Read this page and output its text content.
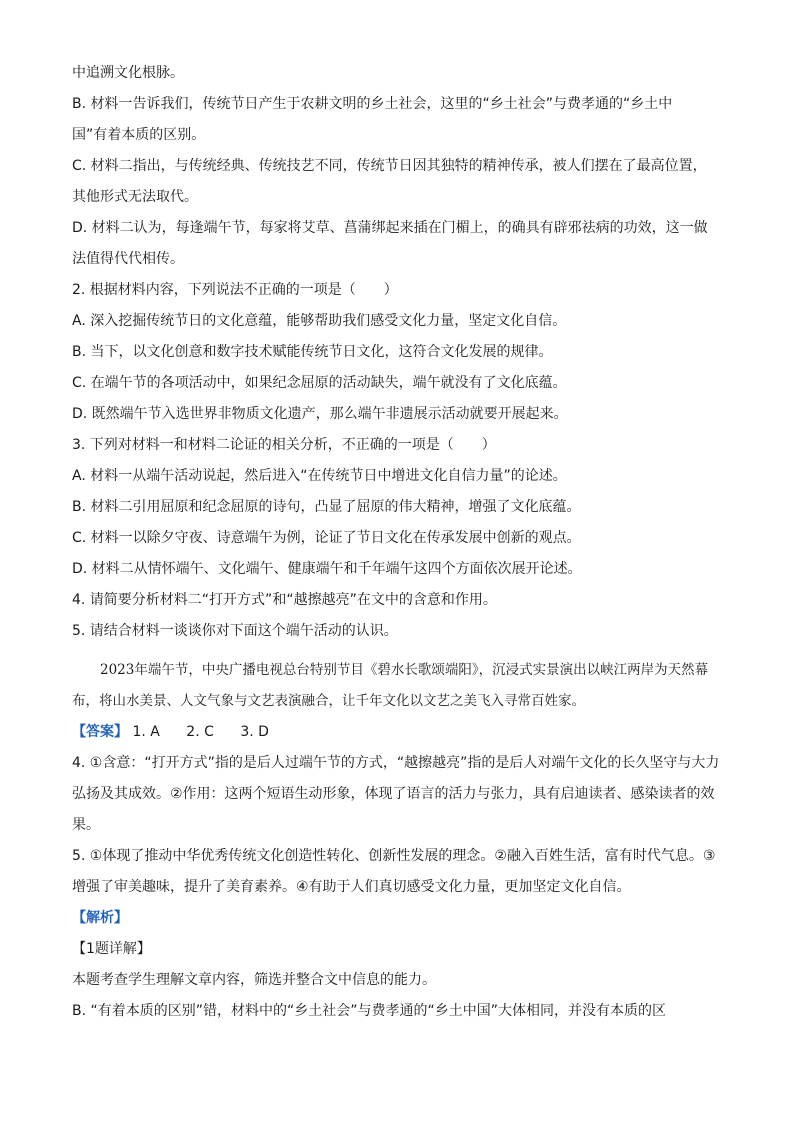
中追溯文化根脉。
B. 材料一告诉我们，传统节日产生于农耕文明的乡土社会，这里的“乡土社会”与费孝通的“乡土中
国”有着本质的区别。
C. 材料二指出，与传统经典、传统技艺不同，传统节日因其独特的精神传承，被人们摆在了最高位置，
其他形式无法取代。
D. 材料二认为，每逢端午节，每家将艾草、菖蒲绑起来插在门楣上，的确具有辟邪祛病的功效，这一做
法值得代代相传。
2. 根据材料内容，下列说法不正确的一项是（　　）
A. 深入挖掘传统节日的文化意蕴，能够帮助我们感受文化力量，坚定文化自信。
B. 当下，以文化创意和数字技术赋能传统节日文化，这符合文化发展的规律。
C. 在端午节的各项活动中，如果纪念屈原的活动缺失，端午就没有了文化底蕴。
D. 既然端午节入选世界非物质文化遗产，那么端午非遗展示活动就要开展起来。
3. 下列对材料一和材料二论证的相关分析，不正确的一项是（　　）
A. 材料一从端午活动说起，然后进入“在传统节日中增进文化自信力量”的论述。
B. 材料二引用屈原和纪念屈原的诗句，凸显了屈原的伟大精神，增强了文化底蕴。
C. 材料一以除夕守夜、诗意端午为例，论证了节日文化在传承发展中创新的观点。
D. 材料二从情怀端午、文化端午、健康端午和千年端午这四个方面依次展开论述。
4. 请简要分析材料二“打开方式”和“越擦越亮”在文中的含意和作用。
5. 请结合材料一谈谈你对下面这个端午活动的认识。
2023年端午节，中央广播电视总台特别节目《碧水长歌颂端阳》，沉浸式实景演出以峡江两岸为天然幕布，将山水美景、人文气象与文艺表演融合，让千年文化以文艺之美飞入寻常百姓家。
【答案】 1. A 2. C 3. D
4. ①含意：“打开方式”指的是后人过端午节的方式，“越擦越亮”指的是后人对端午文化的长久坚守与大力弘扬及其成效。②作用：这两个短语生动形象，体现了语言的活力与张力，具有启迪读者、感染读者的效果。
5. ①体现了推动中华优秀传统文化创造性转化、创新性发展的理念。②融入百姓生活，富有时代气息。③增强了审美趣味，提升了美育素养。④有助于人们真切感受文化力量，更加坚定文化自信。
【解析】
【1题详解】
本题考查学生理解文章内容，筛选并整合文中信息的能力。
B. “有着本质的区别”错，材料中的“乡土社会”与费孝通的“乡土中国”大体相同，并没有本质的区
